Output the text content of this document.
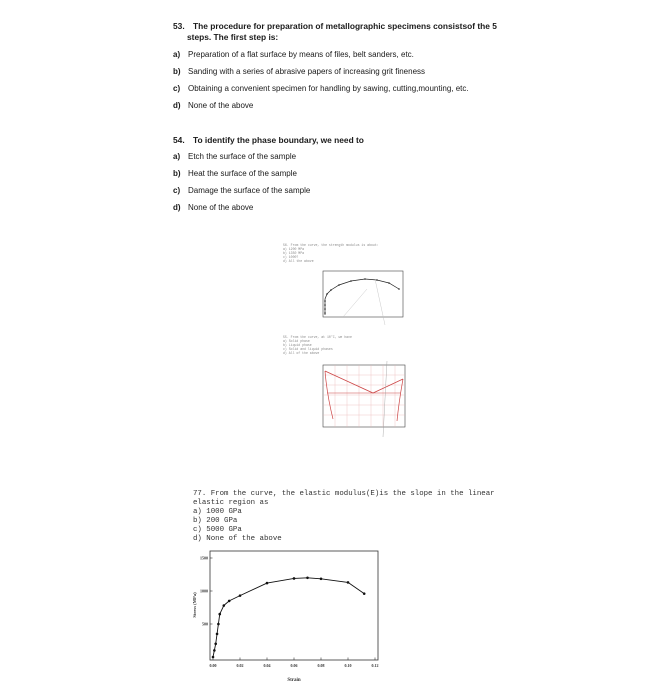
53. The procedure for preparation of metallographic specimens consistsof the 5
steps. The first step is:
a) Preparation of a flat surface by means of files, belt sanders, etc.
b) Sanding with a series of abrasive papers of increasing grit fineness
c) Obtaining a convenient specimen for handling by sawing, cutting,mounting, etc.
d) None of the above
54. To identify the phase boundary, we need to
a) Etch the surface of the sample
b) Heat the surface of the sample
c) Damage the surface of the sample
d) None of the above
56. From the curve, the strength modulus is about:
a) 1200 MPa
b) 1350 MPa
c) 1000?
d) All the above
55. From the curve, at 10°C, we have
a) Solid phase
b) Liquid phase
c) Solid and liquid phases
d) All of the above
77. From the curve, the elastic modulus(E)is the slope in the linear
elastic region as
a) 1000 GPa
b) 200 GPa
c) 5000 GPa
d) None of the above
0.00	0.02	0.04	0.06	0.08	0.10	0.12
500
1000
1500
Strain
Stress (MPa)
